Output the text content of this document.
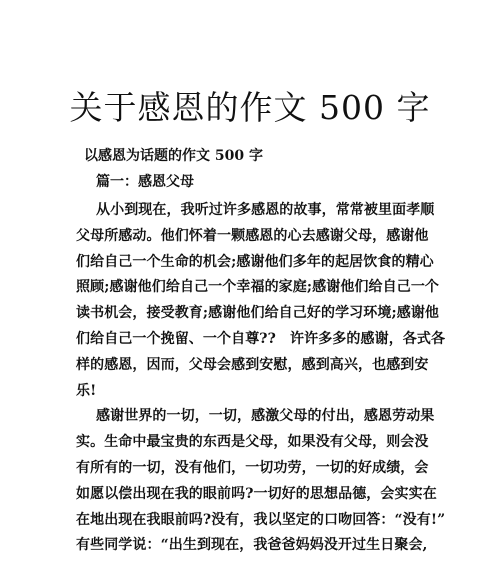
关于感恩的作文 500 字

以感恩为话题的作文 500 字

篇一：感恩父母

从小到现在，我听过许多感恩的故事，常常被里面孝顺

父母所感动。他们怀着一颗感恩的心去感谢父母，感谢他

们给自己一个生命的机会;感谢他们多年的起居饮食的精心

照顾;感谢他们给自己一个幸福的家庭;感谢他们给自己一个

读书机会，接受教育;感谢他们给自己好的学习环境;感谢他

们给自己一个挽留、一个自尊??　许许多多的感谢，各式各

样的感恩，因而，父母会感到安慰，感到高兴，也感到安

乐!

感谢世界的一切，一切，感激父母的付出，感恩劳动果

实。生命中最宝贵的东西是父母，如果没有父母，则会没

有所有的一切，没有他们，一切功劳，一切的好成绩，会

如愿以偿出现在我的眼前吗?一切好的思想品德，会实实在

在地出现在我眼前吗?没有，我以坚定的口吻回答：“没有!”

有些同学说：“出生到现在，我爸爸妈妈没开过生日聚会,
